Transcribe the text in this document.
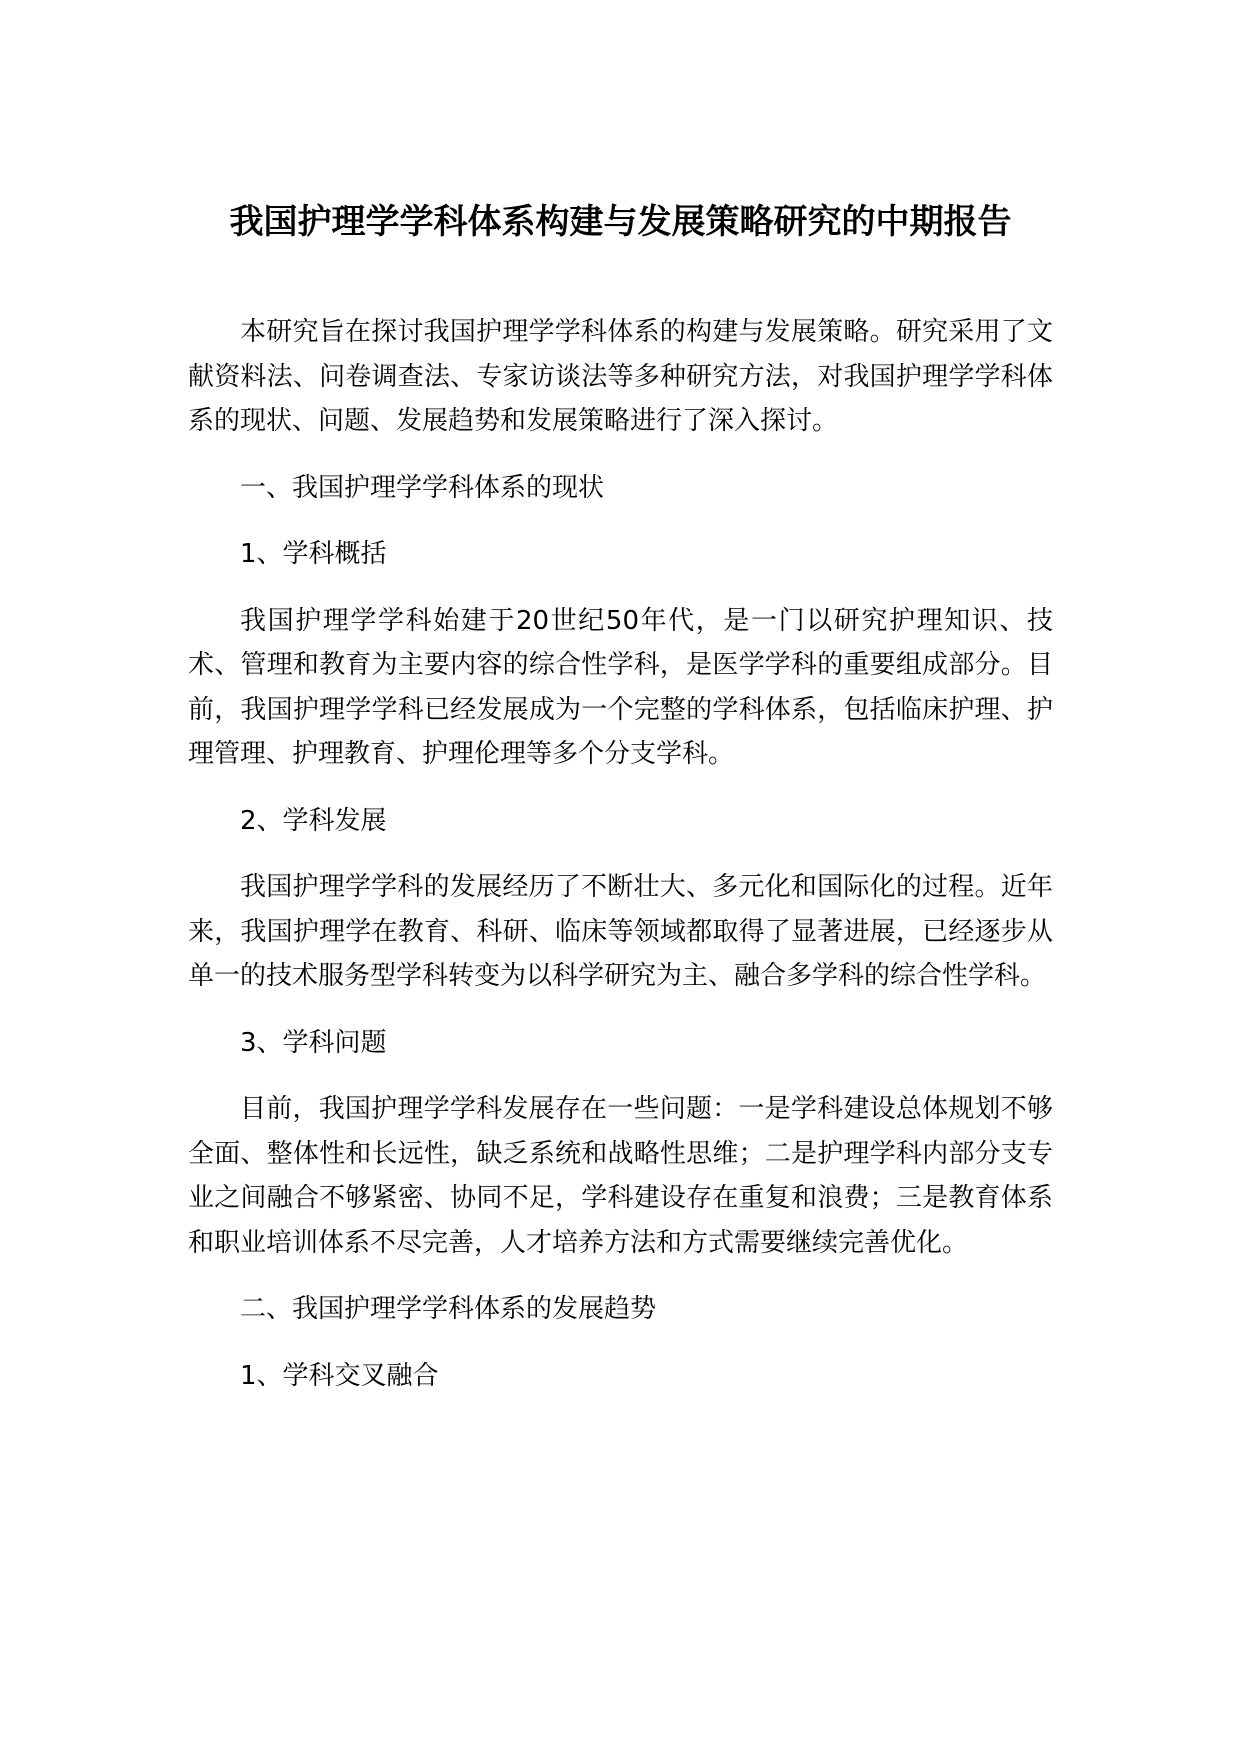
我国护理学学科体系构建与发展策略研究的中期报告

本研究旨在探讨我国护理学学科体系的构建与发展策略。研究采用了文献资料法、问卷调查法、专家访谈法等多种研究方法，对我国护理学学科体系的现状、问题、发展趋势和发展策略进行了深入探讨。

一、我国护理学学科体系的现状

1、学科概括

我国护理学学科始建于20世纪50年代，是一门以研究护理知识、技术、管理和教育为主要内容的综合性学科，是医学学科的重要组成部分。目前，我国护理学学科已经发展成为一个完整的学科体系，包括临床护理、护理管理、护理教育、护理伦理等多个分支学科。

2、学科发展

我国护理学学科的发展经历了不断壮大、多元化和国际化的过程。近年来，我国护理学在教育、科研、临床等领域都取得了显著进展，已经逐步从单一的技术服务型学科转变为以科学研究为主、融合多学科的综合性学科。

3、学科问题

目前，我国护理学学科发展存在一些问题：一是学科建设总体规划不够全面、整体性和长远性，缺乏系统和战略性思维；二是护理学科内部分支专业之间融合不够紧密、协同不足，学科建设存在重复和浪费；三是教育体系和职业培训体系不尽完善，人才培养方法和方式需要继续完善优化。

二、我国护理学学科体系的发展趋势

1、学科交叉融合
